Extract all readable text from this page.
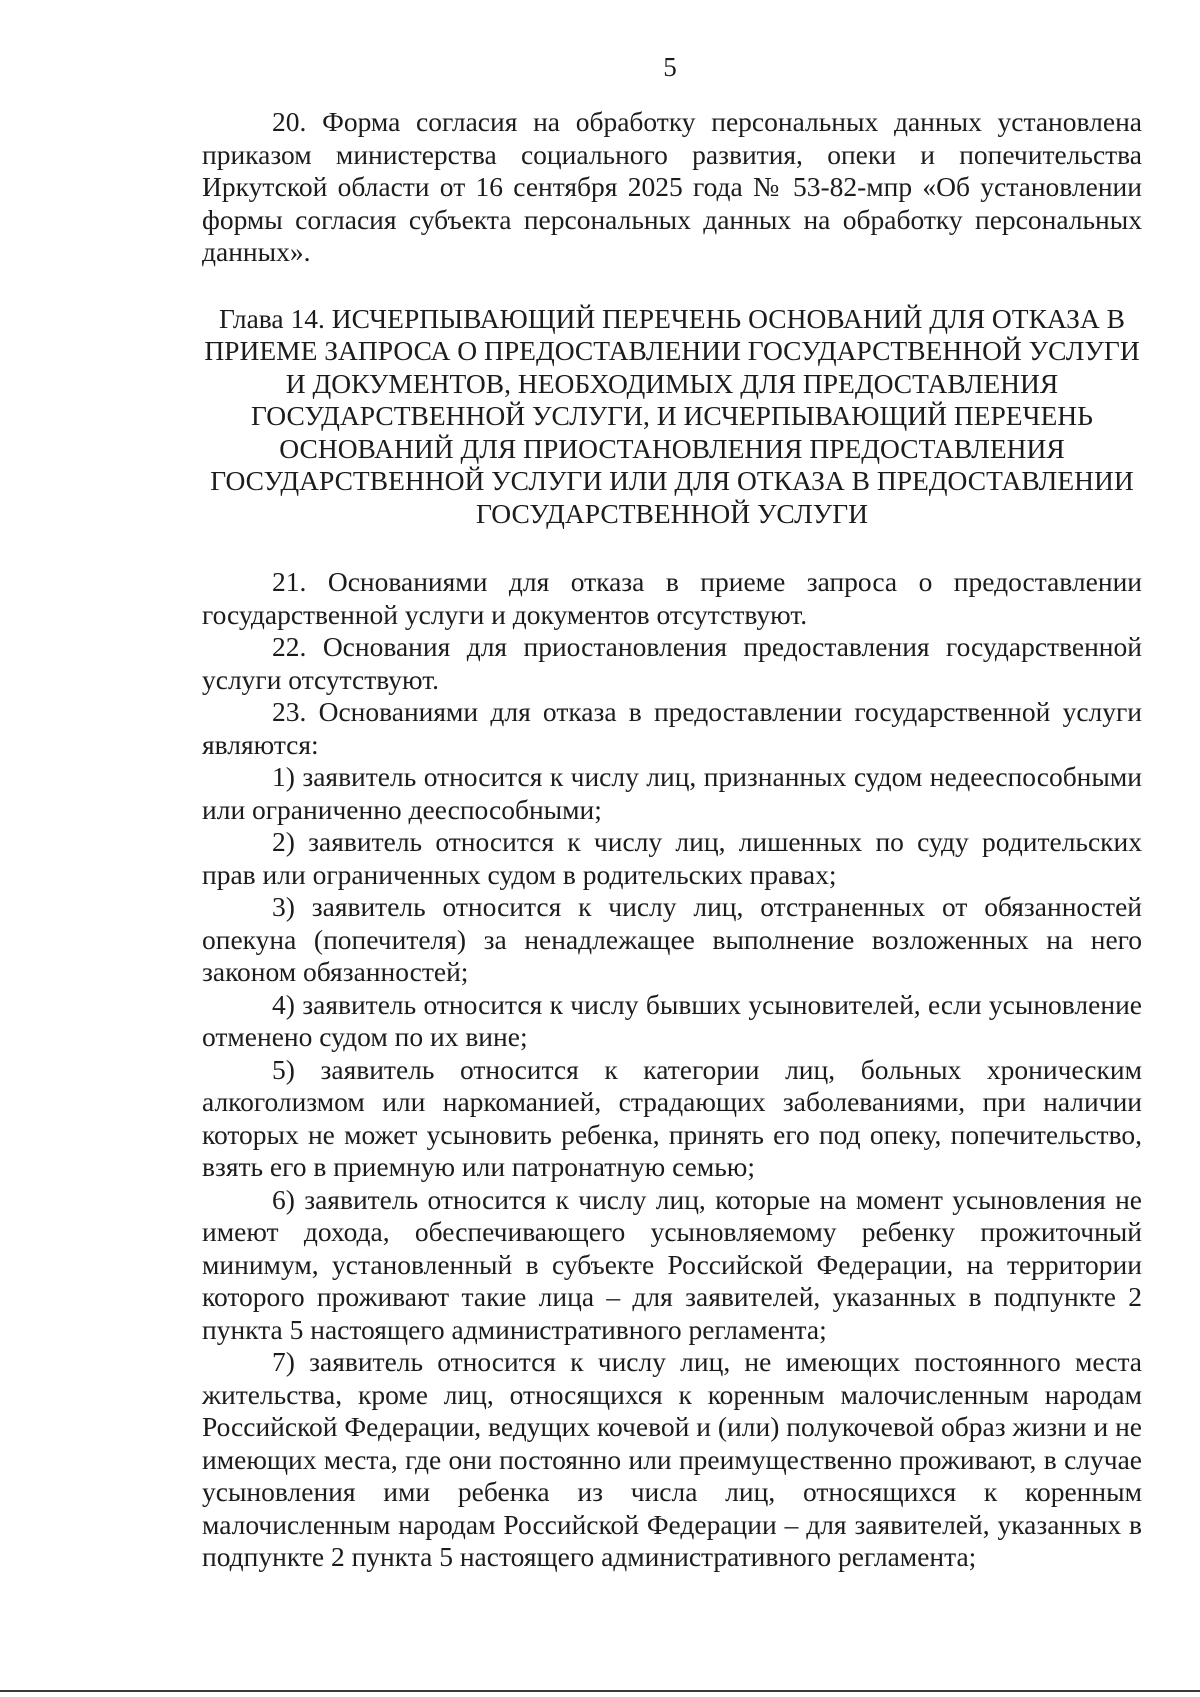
5

20. Форма согласия на обработку персональных данных установлена приказом министерства социального развития, опеки и попечительства Иркутской области от 16 сентября 2025 года № 53-82-мпр «Об установлении формы согласия субъекта персональных данных на обработку персональных данных».

Глава 14. ИСЧЕРПЫВАЮЩИЙ ПЕРЕЧЕНЬ ОСНОВАНИЙ ДЛЯ ОТКАЗА В ПРИЕМЕ ЗАПРОСА О ПРЕДОСТАВЛЕНИИ ГОСУДАРСТВЕННОЙ УСЛУГИ И ДОКУМЕНТОВ, НЕОБХОДИМЫХ ДЛЯ ПРЕДОСТАВЛЕНИЯ ГОСУДАРСТВЕННОЙ УСЛУГИ, И ИСЧЕРПЫВАЮЩИЙ ПЕРЕЧЕНЬ ОСНОВАНИЙ ДЛЯ ПРИОСТАНОВЛЕНИЯ ПРЕДОСТАВЛЕНИЯ ГОСУДАРСТВЕННОЙ УСЛУГИ ИЛИ ДЛЯ ОТКАЗА В ПРЕДОСТАВЛЕНИИ ГОСУДАРСТВЕННОЙ УСЛУГИ

21. Основаниями для отказа в приеме запроса о предоставлении государственной услуги и документов отсутствуют.

22. Основания для приостановления предоставления государственной услуги отсутствуют.

23. Основаниями для отказа в предоставлении государственной услуги являются:

1) заявитель относится к числу лиц, признанных судом недееспособными или ограниченно дееспособными;

2) заявитель относится к числу лиц, лишенных по суду родительских прав или ограниченных судом в родительских правах;

3) заявитель относится к числу лиц, отстраненных от обязанностей опекуна (попечителя) за ненадлежащее выполнение возложенных на него законом обязанностей;

4) заявитель относится к числу бывших усыновителей, если усыновление отменено судом по их вине;

5) заявитель относится к категории лиц, больных хроническим алкоголизмом или наркоманией, страдающих заболеваниями, при наличии которых не может усыновить ребенка, принять его под опеку, попечительство, взять его в приемную или патронатную семью;

6) заявитель относится к числу лиц, которые на момент усыновления не имеют дохода, обеспечивающего усыновляемому ребенку прожиточный минимум, установленный в субъекте Российской Федерации, на территории которого проживают такие лица – для заявителей, указанных в подпункте 2 пункта 5 настоящего административного регламента;

7) заявитель относится к числу лиц, не имеющих постоянного места жительства, кроме лиц, относящихся к коренным малочисленным народам Российской Федерации, ведущих кочевой и (или) полукочевой образ жизни и не имеющих места, где они постоянно или преимущественно проживают, в случае усыновления ими ребенка из числа лиц, относящихся к коренным малочисленным народам Российской Федерации – для заявителей, указанных в подпункте 2 пункта 5 настоящего административного регламента;
